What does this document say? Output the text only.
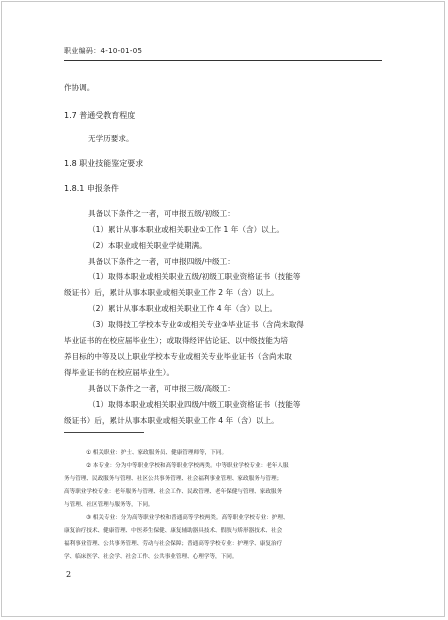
职业编码：4-10-01-05
作协调。
1.7 普通受教育程度
无学历要求。
1.8 职业技能鉴定要求
1.8.1 申报条件
具备以下条件之一者，可申报五级/初级工：
（1）累计从事本职业或相关职业①工作 1 年（含）以上。
（2）本职业或相关职业学徒期满。
具备以下条件之一者，可申报四级/中级工：
（1）取得本职业或相关职业五级/初级工职业资格证书（技能等
级证书）后，累计从事本职业或相关职业工作 2 年（含）以上。
（2）累计从事本职业或相关职业工作 4 年（含）以上。
（3）取得技工学校本专业②或相关专业③毕业证书（含尚未取得
毕业证书的在校应届毕业生）；或取得经评估论证、以中级技能为培
养目标的中等及以上职业学校本专业或相关专业毕业证书（含尚未取
得毕业证书的在校应届毕业生）。
具备以下条件之一者，可申报三级/高级工：
（1）取得本职业或相关职业四级/中级工职业资格证书（技能等
级证书）后，累计从事本职业或相关职业工作 4 年（含）以上。
① 相关职业：护士、家政服务员、健康管理师等，下同。
② 本专业：分为中等职业学校和高等职业学校两类。中等职业学校专业：老年人服
务与管理、民政服务与管理、社区公共事务管理、社会福利事业管理、家政服务与管理；
高等职业学校专业：老年服务与管理、社会工作、民政管理、老年保健与管理、家政服务
与管理、社区管理与服务等，下同。
③ 相关专业：分为高等职业学校和普通高等学校两类。高等职业学校专业：护理、
康复治疗技术、健康管理、中医养生保健、康复辅助器具技术、假肢与矫形器技术、社会
福利事业管理、公共事务管理、劳动与社会保障；普通高等学校专业：护理学、康复治疗
学、临床医学、社会学、社会工作、公共事业管理、心理学等，下同。
2
